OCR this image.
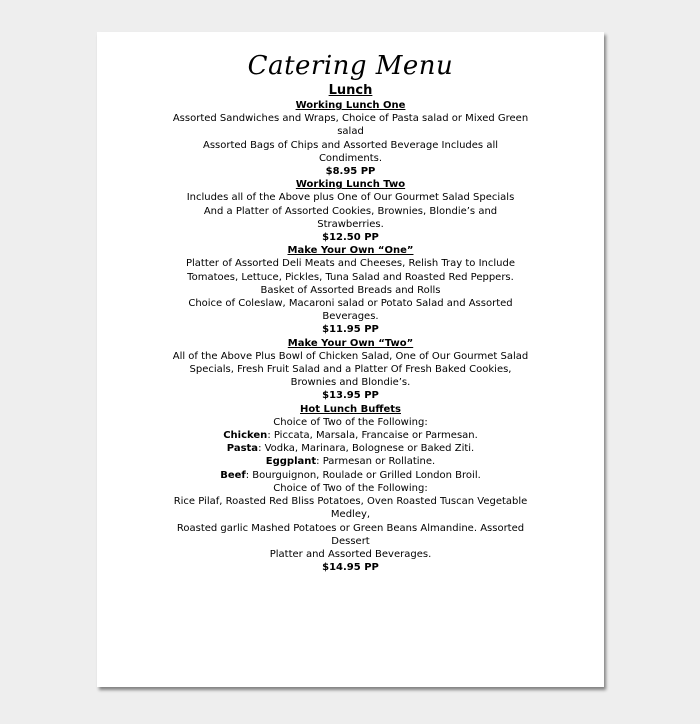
Catering Menu
Lunch
Working Lunch One
Assorted Sandwiches and Wraps, Choice of Pasta salad or Mixed Green
salad
Assorted Bags of Chips and Assorted Beverage Includes all
Condiments.
$8.95 PP
Working Lunch Two
Includes all of the Above plus One of Our Gourmet Salad Specials
And a Platter of Assorted Cookies, Brownies, Blondie’s and
Strawberries.
$12.50 PP
Make Your Own “One”
Platter of Assorted Deli Meats and Cheeses, Relish Tray to Include
Tomatoes, Lettuce, Pickles, Tuna Salad and Roasted Red Peppers.
Basket of Assorted Breads and Rolls
Choice of Coleslaw, Macaroni salad or Potato Salad and Assorted
Beverages.
$11.95 PP
Make Your Own “Two”
All of the Above Plus Bowl of Chicken Salad, One of Our Gourmet Salad
Specials, Fresh Fruit Salad and a Platter Of Fresh Baked Cookies,
Brownies and Blondie’s.
$13.95 PP
Hot Lunch Buffets
Choice of Two of the Following:
Chicken: Piccata, Marsala, Francaise or Parmesan.
Pasta: Vodka, Marinara, Bolognese or Baked Ziti.
Eggplant: Parmesan or Rollatine.
Beef: Bourguignon, Roulade or Grilled London Broil.
Choice of Two of the Following:
Rice Pilaf, Roasted Red Bliss Potatoes, Oven Roasted Tuscan Vegetable
Medley,
Roasted garlic Mashed Potatoes or Green Beans Almandine. Assorted
Dessert
Platter and Assorted Beverages.
$14.95 PP
